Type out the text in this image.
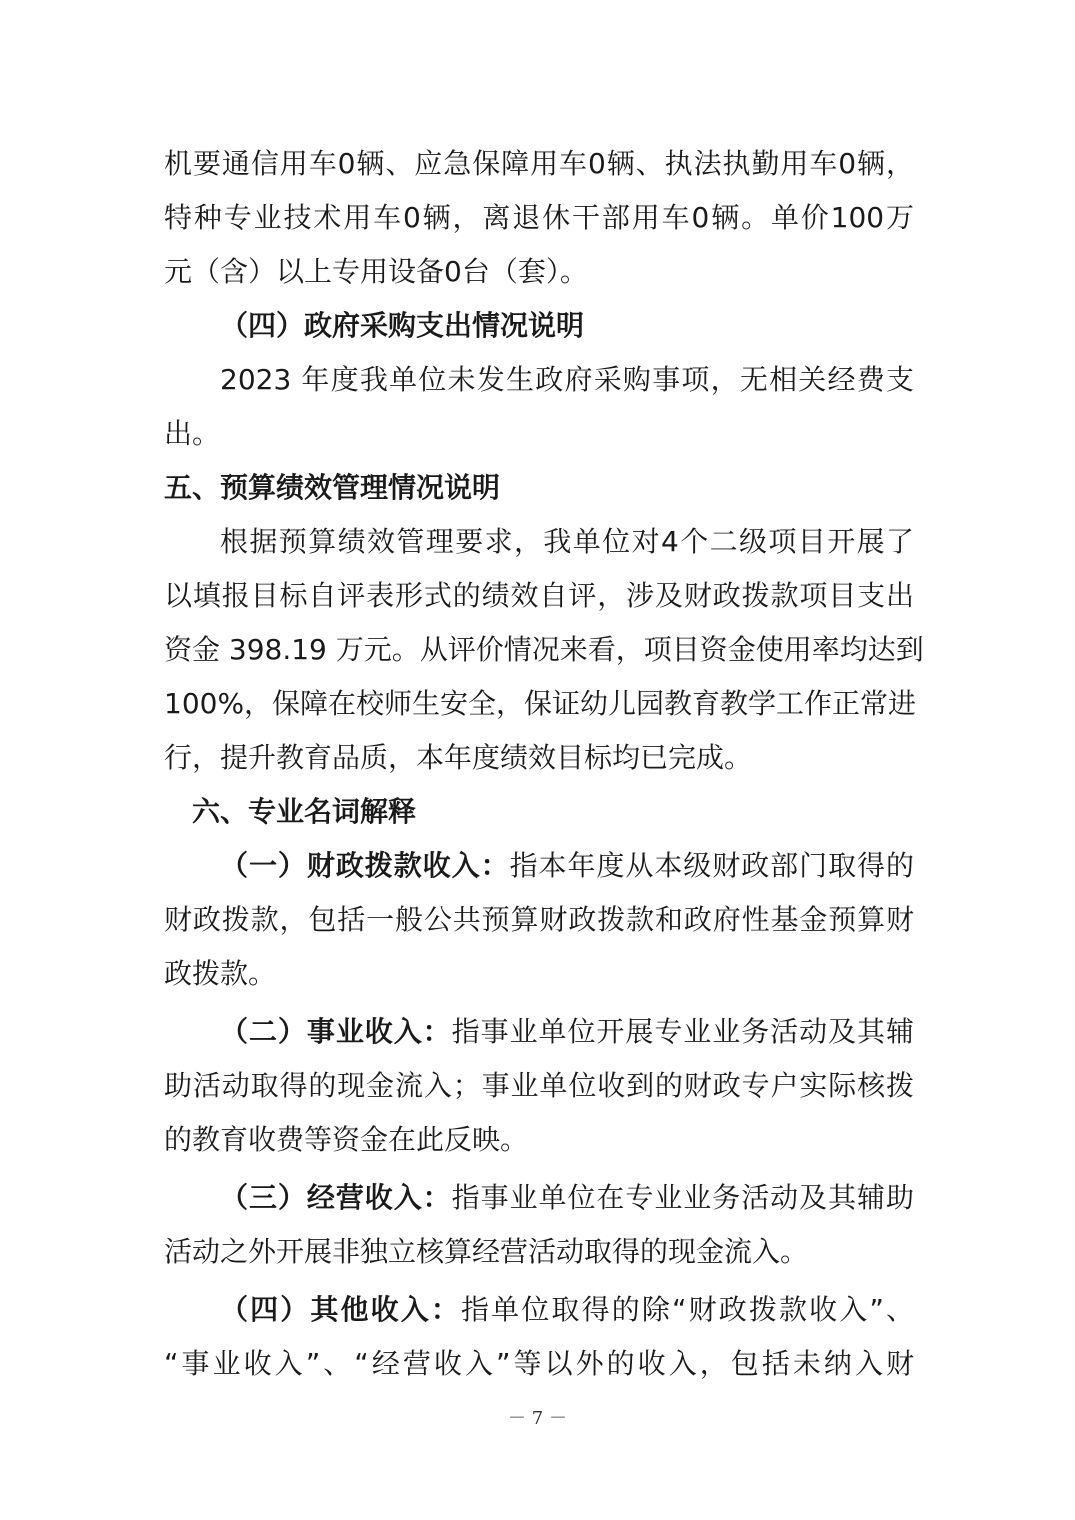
机要通信用车0辆、应急保障用车0辆、执法执勤用车0辆，
特种专业技术用车0辆，离退休干部用车0辆。单价100万
元（含）以上专用设备0台（套）。
（四）政府采购支出情况说明
2023 年度我单位未发生政府采购事项，无相关经费支
出。
五、预算绩效管理情况说明
根据预算绩效管理要求，我单位对4个二级项目开展了
以填报目标自评表形式的绩效自评，涉及财政拨款项目支出
资金 398.19 万元。从评价情况来看，项目资金使用率均达到
100%，保障在校师生安全，保证幼儿园教育教学工作正常进
行，提升教育品质，本年度绩效目标均已完成。
六、专业名词解释
（一）财政拨款收入：指本年度从本级财政部门取得的
财政拨款，包括一般公共预算财政拨款和政府性基金预算财
政拨款。
（二）事业收入：指事业单位开展专业业务活动及其辅
助活动取得的现金流入；事业单位收到的财政专户实际核拨
的教育收费等资金在此反映。
（三）经营收入：指事业单位在专业业务活动及其辅助
活动之外开展非独立核算经营活动取得的现金流入。
（四）其他收入：指单位取得的除“财政拨款收入”、
“事业收入”、“经营收入”等以外的收入，包括未纳入财
－ 7 －
